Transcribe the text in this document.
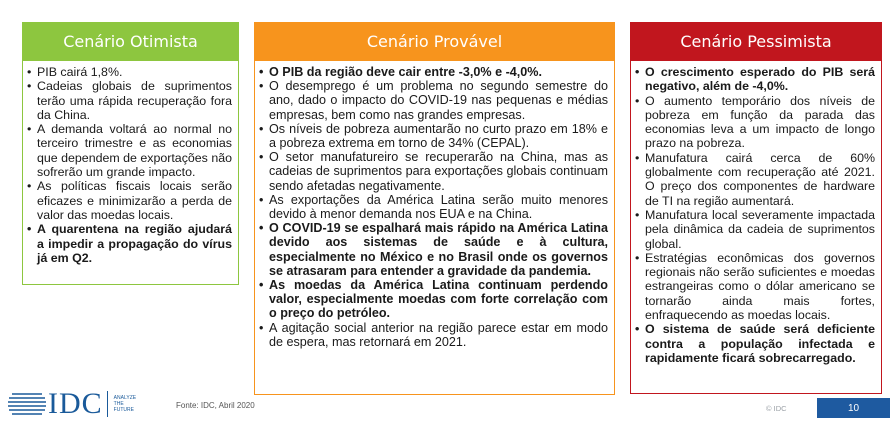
Cenário Otimista
• PIB cairá 1,8%.
• Cadeias globais de suprimentos terão uma rápida recuperação fora da China.
• A demanda voltará ao normal no terceiro trimestre e as economias que dependem de exportações não sofrerão um grande impacto.
• As políticas fiscais locais serão eficazes e minimizarão a perda de valor das moedas locais.
• A quarentena na região ajudará a impedir a propagação do vírus já em Q2.
Cenário Provável
• O PIB da região deve cair entre -3,0% e -4,0%.
• O desemprego é um problema no segundo semestre do ano, dado o impacto do COVID-19 nas pequenas e médias empresas, bem como nas grandes empresas.
• Os níveis de pobreza aumentarão no curto prazo em 18% e a pobreza extrema em torno de 34% (CEPAL).
• O setor manufatureiro se recuperarão na China, mas as cadeias de suprimentos para exportações globais continuam sendo afetadas negativamente.
• As exportações da América Latina serão muito menores devido à menor demanda nos EUA e na China.
• O COVID-19 se espalhará mais rápido na América Latina devido aos sistemas de saúde e à cultura, especialmente no México e no Brasil onde os governos se atrasaram para entender a gravidade da pandemia.
• As moedas da América Latina continuam perdendo valor, especialmente moedas com forte correlação com o preço do petróleo.
• A agitação social anterior na região parece estar em modo de espera, mas retornará em 2021.
Cenário Pessimista
• O crescimento esperado do PIB será negativo, além de -4,0%.
• O aumento temporário dos níveis de pobreza em função da parada das economias leva a um impacto de longo prazo na pobreza.
• Manufatura cairá cerca de 60% globalmente com recuperação até 2021. O preço dos componentes de hardware de TI na região aumentará.
• Manufatura local severamente impactada pela dinâmica da cadeia de suprimentos global.
• Estratégias econômicas dos governos regionais não serão suficientes e moedas estrangeiras como o dólar americano se tornarão ainda mais fortes, enfraquecendo as moedas locais.
• O sistema de saúde será deficiente contra a população infectada e rapidamente ficará sobrecarregado.
IDC ANALYZE THE FUTURE	Fonte: IDC, Abril 2020	© IDC	10
